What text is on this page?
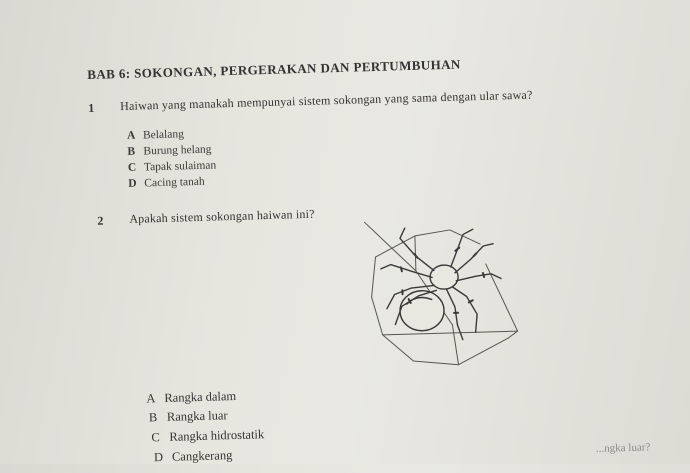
BAB 6: SOKONGAN, PERGERAKAN DAN PERTUMBUHAN
1 Haiwan yang manakah mempunyai sistem sokongan yang sama dengan ular sawa?
A Belalang
B Burung helang
C Tapak sulaiman
D Cacing tanah
2 Apakah sistem sokongan haiwan ini?
A Rangka dalam
B Rangka luar
C Rangka hidrostatik
D Cangkerang	...ngka luar?
